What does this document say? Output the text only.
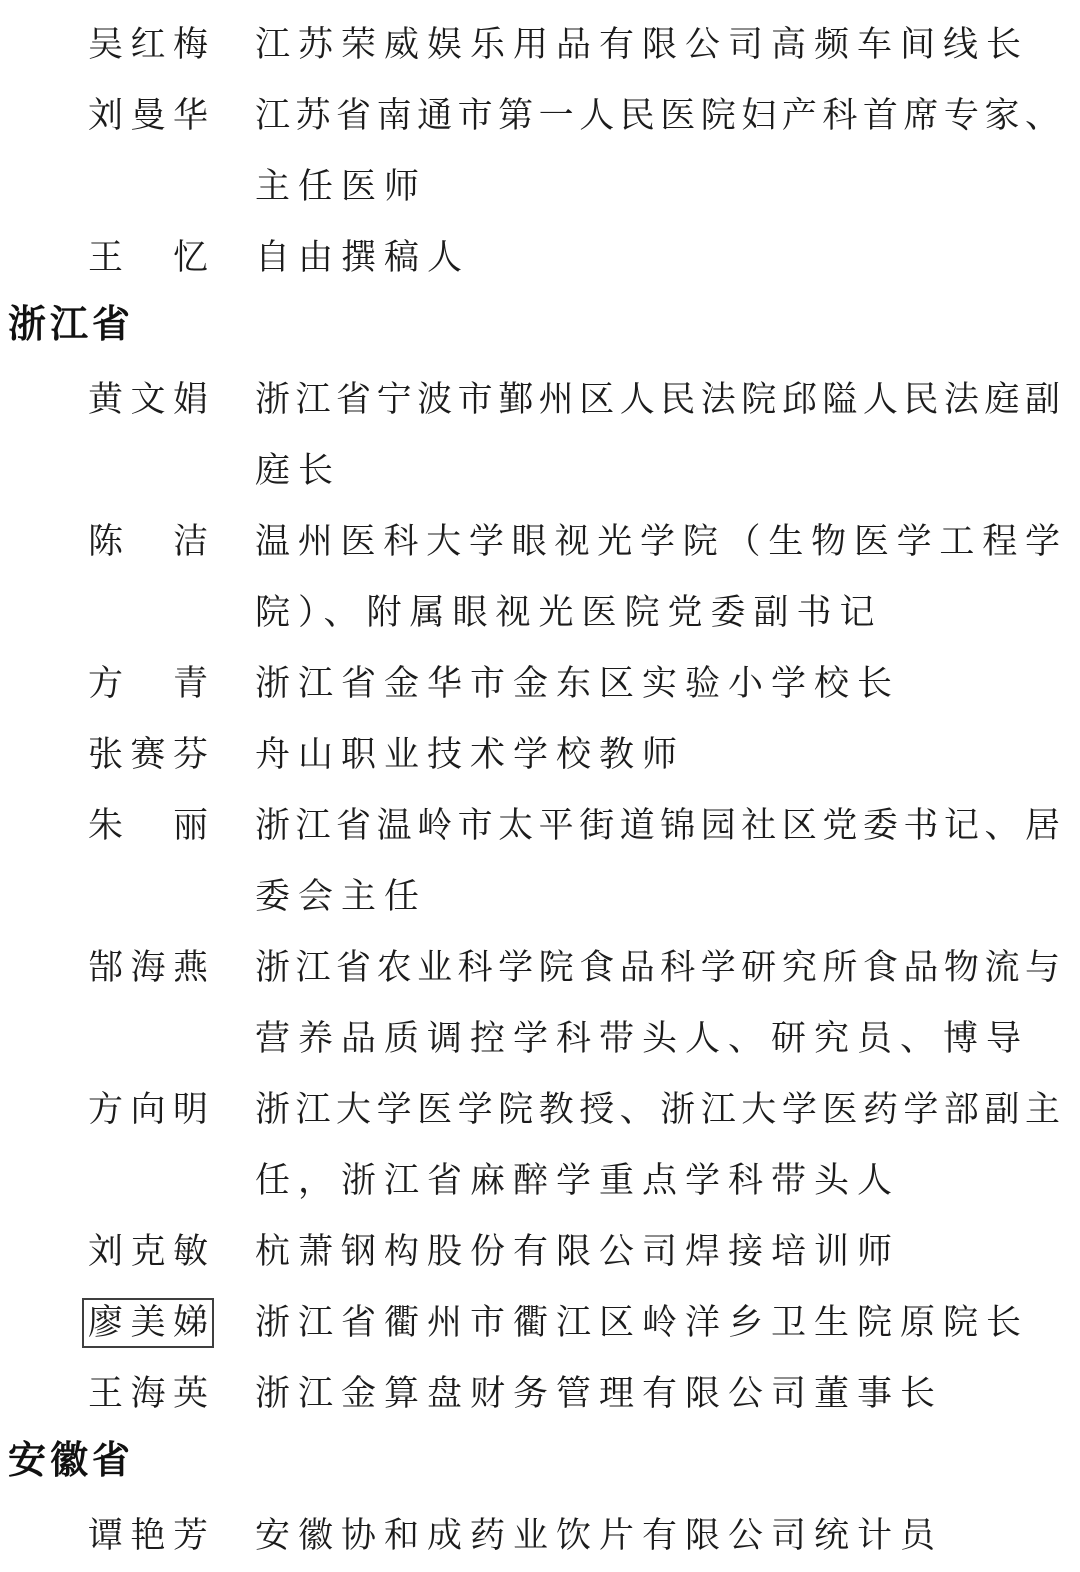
吴红梅 江苏荣威娱乐用品有限公司高频车间线长
刘曼华 江苏省南通市第一人民医院妇产科首席专家、
主任医师
王忆 自由撰稿人
浙江省
黄文娟 浙江省宁波市鄞州区人民法院邱隘人民法庭副
庭长
陈洁 温州医科大学眼视光学院（生物医学工程学
院）、附属眼视光医院党委副书记
方青 浙江省金华市金东区实验小学校长
张赛芬 舟山职业技术学校教师
朱丽 浙江省温岭市太平街道锦园社区党委书记、居
委会主任
郜海燕 浙江省农业科学院食品科学研究所食品物流与
营养品质调控学科带头人、研究员、博导
方向明 浙江大学医学院教授、浙江大学医药学部副主
任，浙江省麻醉学重点学科带头人
刘克敏 杭萧钢构股份有限公司焊接培训师
廖美娣 浙江省衢州市衢江区岭洋乡卫生院原院长
王海英 浙江金算盘财务管理有限公司董事长
安徽省
谭艳芳 安徽协和成药业饮片有限公司统计员
